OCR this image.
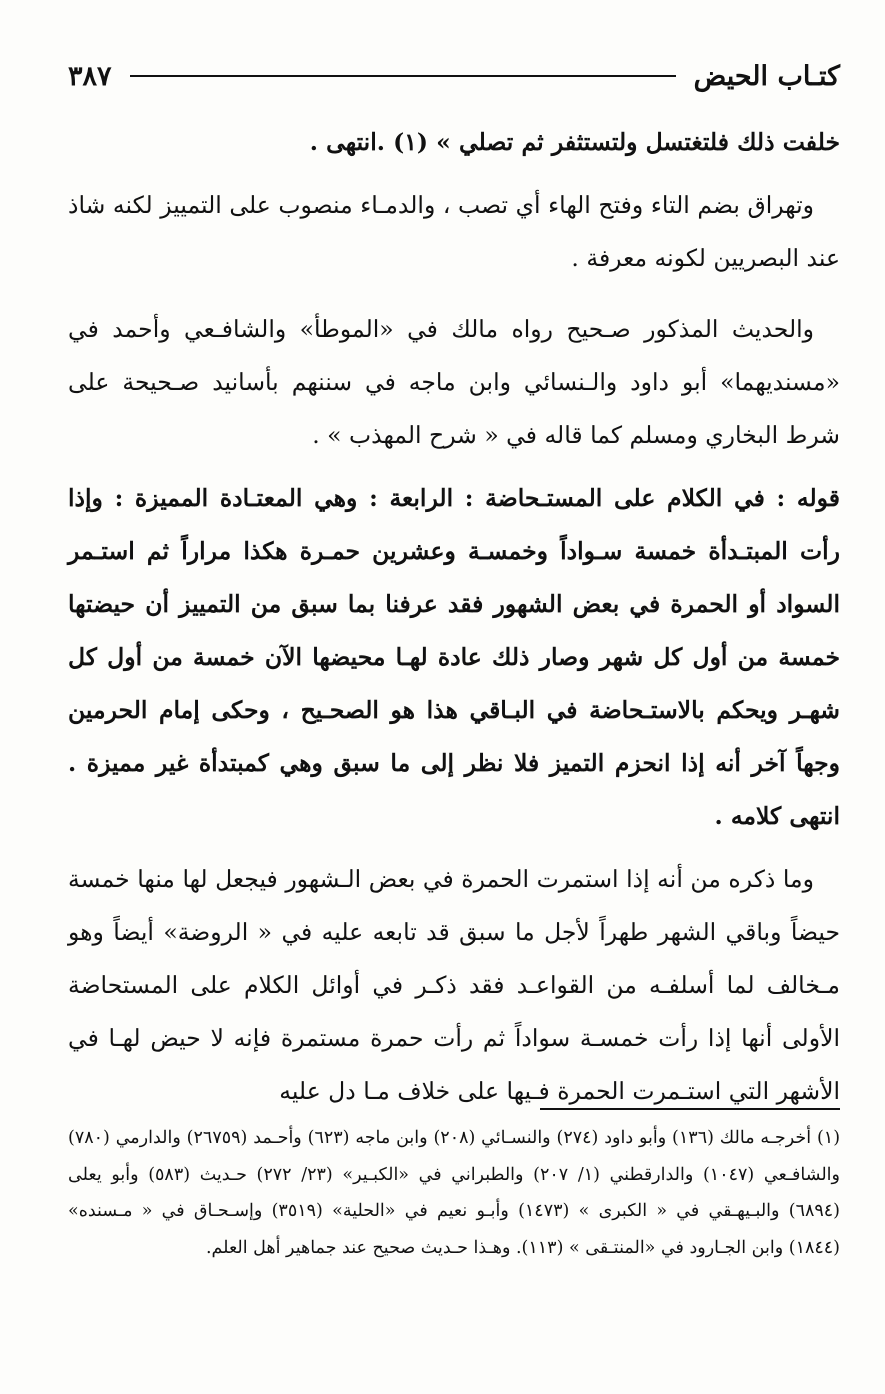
٣٨٧	كتـاب الحيض

خلفت ذلك فلتغتسل ولتستثفر ثم تصلي » (١) .انتهى .

وتهراق بضم التاء وفتح الهاء أي تصب ، والدمـاء منصوب على التمييز لكنه شاذ عند البصريين لكونه معرفة .

والحديث المذكور صـحيح رواه مالك في «الموطأ» والشافـعي وأحمد في «مسنديهما» أبو داود والـنسائي وابن ماجه في سننهم بأسانيد صـحيحة على شرط البخاري ومسلم كما قاله في « شرح المهذب » .

قوله : في الكلام على المستـحاضة : الرابعة : وهي المعتـادة المميزة : وإذا رأت المبتـدأة خمسة سـواداً وخمسـة وعشرين حمـرة هكذا مراراً ثم استـمر السواد أو الحمرة في بعض الشهور فقد عرفنا بما سبق من التمييز أن حيضتها خمسة من أول كل شهر وصار ذلك عادة لهـا محيضها الآن خمسة من أول كل شهـر ويحكم بالاستـحاضة في البـاقي هذا هو الصحـيح ، وحكى إمام الحرمين وجهاً آخر أنه إذا انحزم التميز فلا نظر إلى ما سبق وهي كمبتدأة غير مميزة . انتهى كلامه .

وما ذكره من أنه إذا استمرت الحمرة في بعض الـشهور فيجعل لها منها خمسة حيضاً وباقي الشهر طهراً لأجل ما سبق قد تابعه عليه في « الروضة» أيضاً وهو مـخالف لما أسلفـه من القواعـد فقد ذكـر في أوائل الكلام على المستحاضة الأولى أنها إذا رأت خمسـة سواداً ثم رأت حمرة مستمرة فإنه لا حيض لهـا في الأشهر التي استـمرت الحمرة فـيها على خلاف مـا دل عليه

(١) أخرجـه مالك (١٣٦) وأبو داود (٢٧٤) والنسـائي (٢٠٨) وابن ماجه (٦٢٣) وأحـمد (٢٦٧٥٩) والدارمي (٧٨٠) والشافـعي (١٠٤٧) والدارقطني (١/ ٢٠٧) والطبراني في «الكبـير» (٢٣/ ٢٧٢) حـديث (٥٨٣) وأبو يعلى (٦٨٩٤) والبـيهـقي في « الكبرى » (١٤٧٣) وأبـو نعيم في «الحلية» (٣٥١٩) وإسـحـاق في « مـسنده» (١٨٤٤) وابن الجـارود في «المنتـقى » (١١٣). وهـذا حـديث صحيح عند جماهير أهل العلم.
